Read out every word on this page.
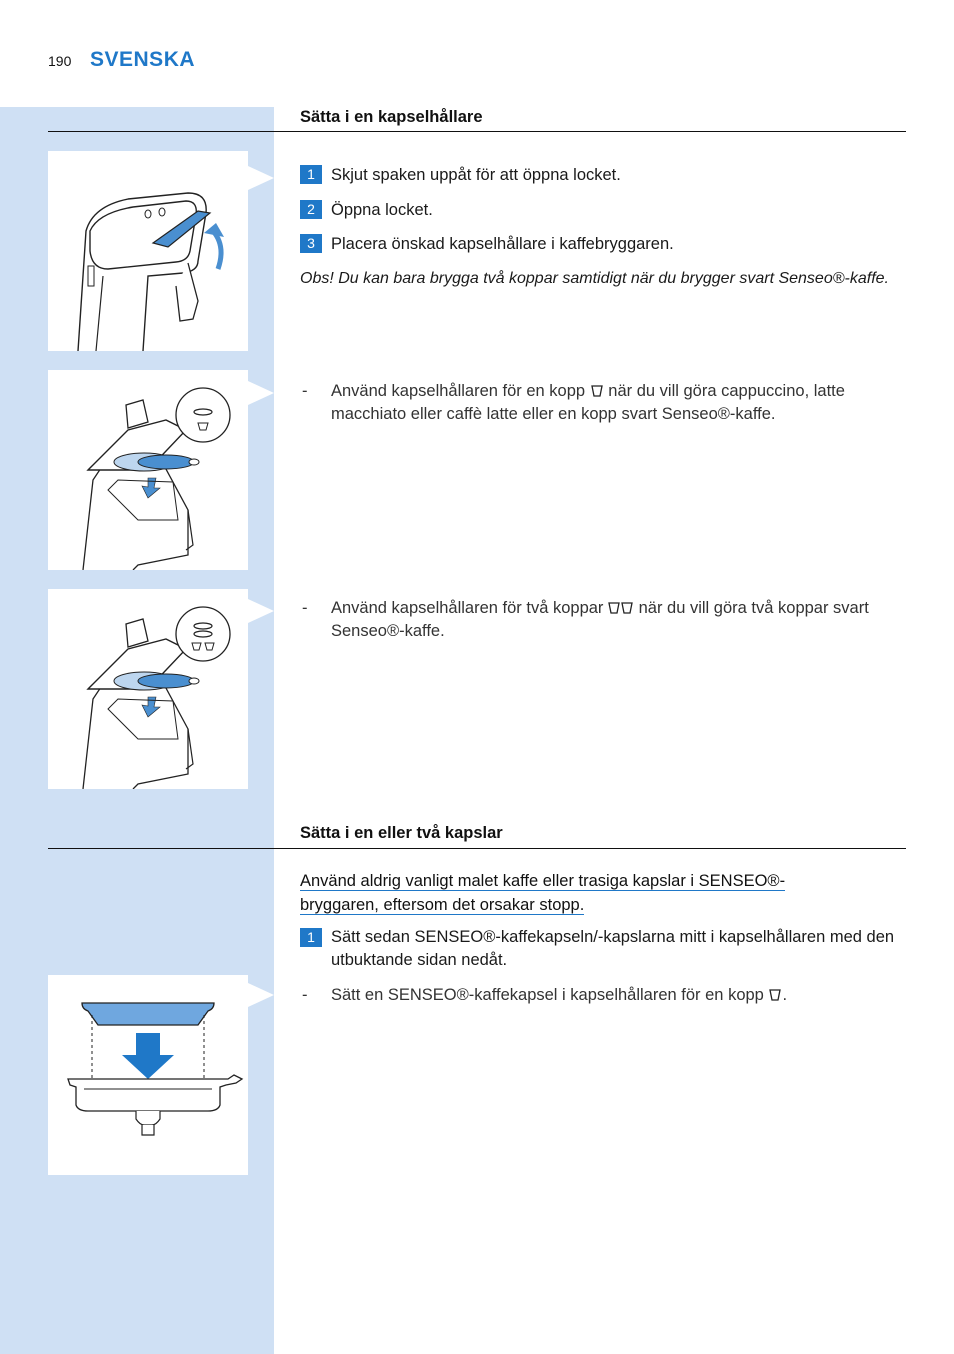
190 SVENSKA
Sätta i en kapselhållare
1 Skjut spaken uppåt för att öppna locket.
2 Öppna locket.
3 Placera önskad kapselhållare i kaffebryggaren.
Obs! Du kan bara brygga två koppar samtidigt när du brygger svart Senseo®-kaffe.
- Använd kapselhållaren för en kopp när du vill göra cappuccino, latte macchiato eller caffè latte eller en kopp svart Senseo®-kaffe.
- Använd kapselhållaren för två koppar när du vill göra två koppar svart Senseo®-kaffe.
Sätta i en eller två kapslar
Använd aldrig vanligt malet kaffe eller trasiga kapslar i SENSEO®-bryggaren, eftersom det orsakar stopp.
1 Sätt sedan SENSEO®-kaffekapseln/-kapslarna mitt i kapselhållaren med den utbuktande sidan nedåt.
- Sätt en SENSEO®-kaffekapsel i kapselhållaren för en kopp .
